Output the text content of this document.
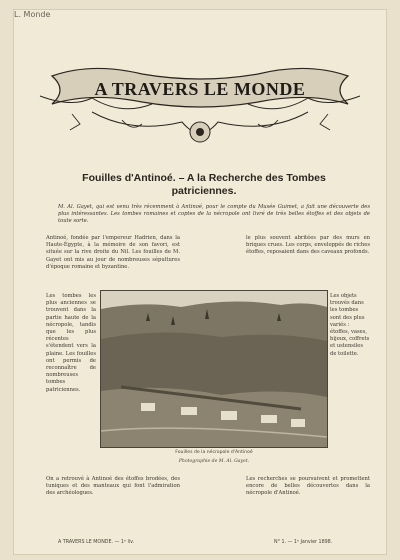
L. Monde
A TRAVERS LE MONDE
Fouilles d'Antinoé. – A la Recherche des Tombes patriciennes.
M. Al. Gayet, qui est venu très récemment à Antinoé, pour le compte du Musée Guimet, a fait une découverte des plus intéressantes. Les tombes romaines et coptes de la nécropole ont livré de très belles étoffes et des objets de toute sorte.
Antinoé, fondée par l'empereur Hadrien, dans la Haute-Égypte, à la mémoire de son favori, est située sur la rive droite du Nil. Les fouilles de M. Gayet ont mis au jour de nombreuses sépultures d'époque romaine et byzantine.
le plus souvent abritées par des murs en briques crues. Les corps, enveloppés de riches étoffes, reposaient dans des caveaux profonds.
Les tombes les plus anciennes se trouvent dans la partie haute de la nécropole, tandis que les plus récentes s'étendent vers la plaine. Les fouilles ont permis de reconnaître de nombreuses tombes patriciennes.
Les objets trouvés dans les tombes sont des plus variés : étoffes, vases, bijoux, coffrets et ustensiles de toilette.
Fouilles de la nécropole d'Antinoé
Photographie de M. Al. Gayet.
On a retrouvé à Antinoé des étoffes brodées, des tuniques et des manteaux qui font l'admiration des archéologues.
Les recherches se poursuivent et promettent encore de belles découvertes dans la nécropole d'Antinoé.
A TRAVERS LE MONDE. — 1ᵉ liv.	N° 1. — 1ᵉ Janvier 1898.
